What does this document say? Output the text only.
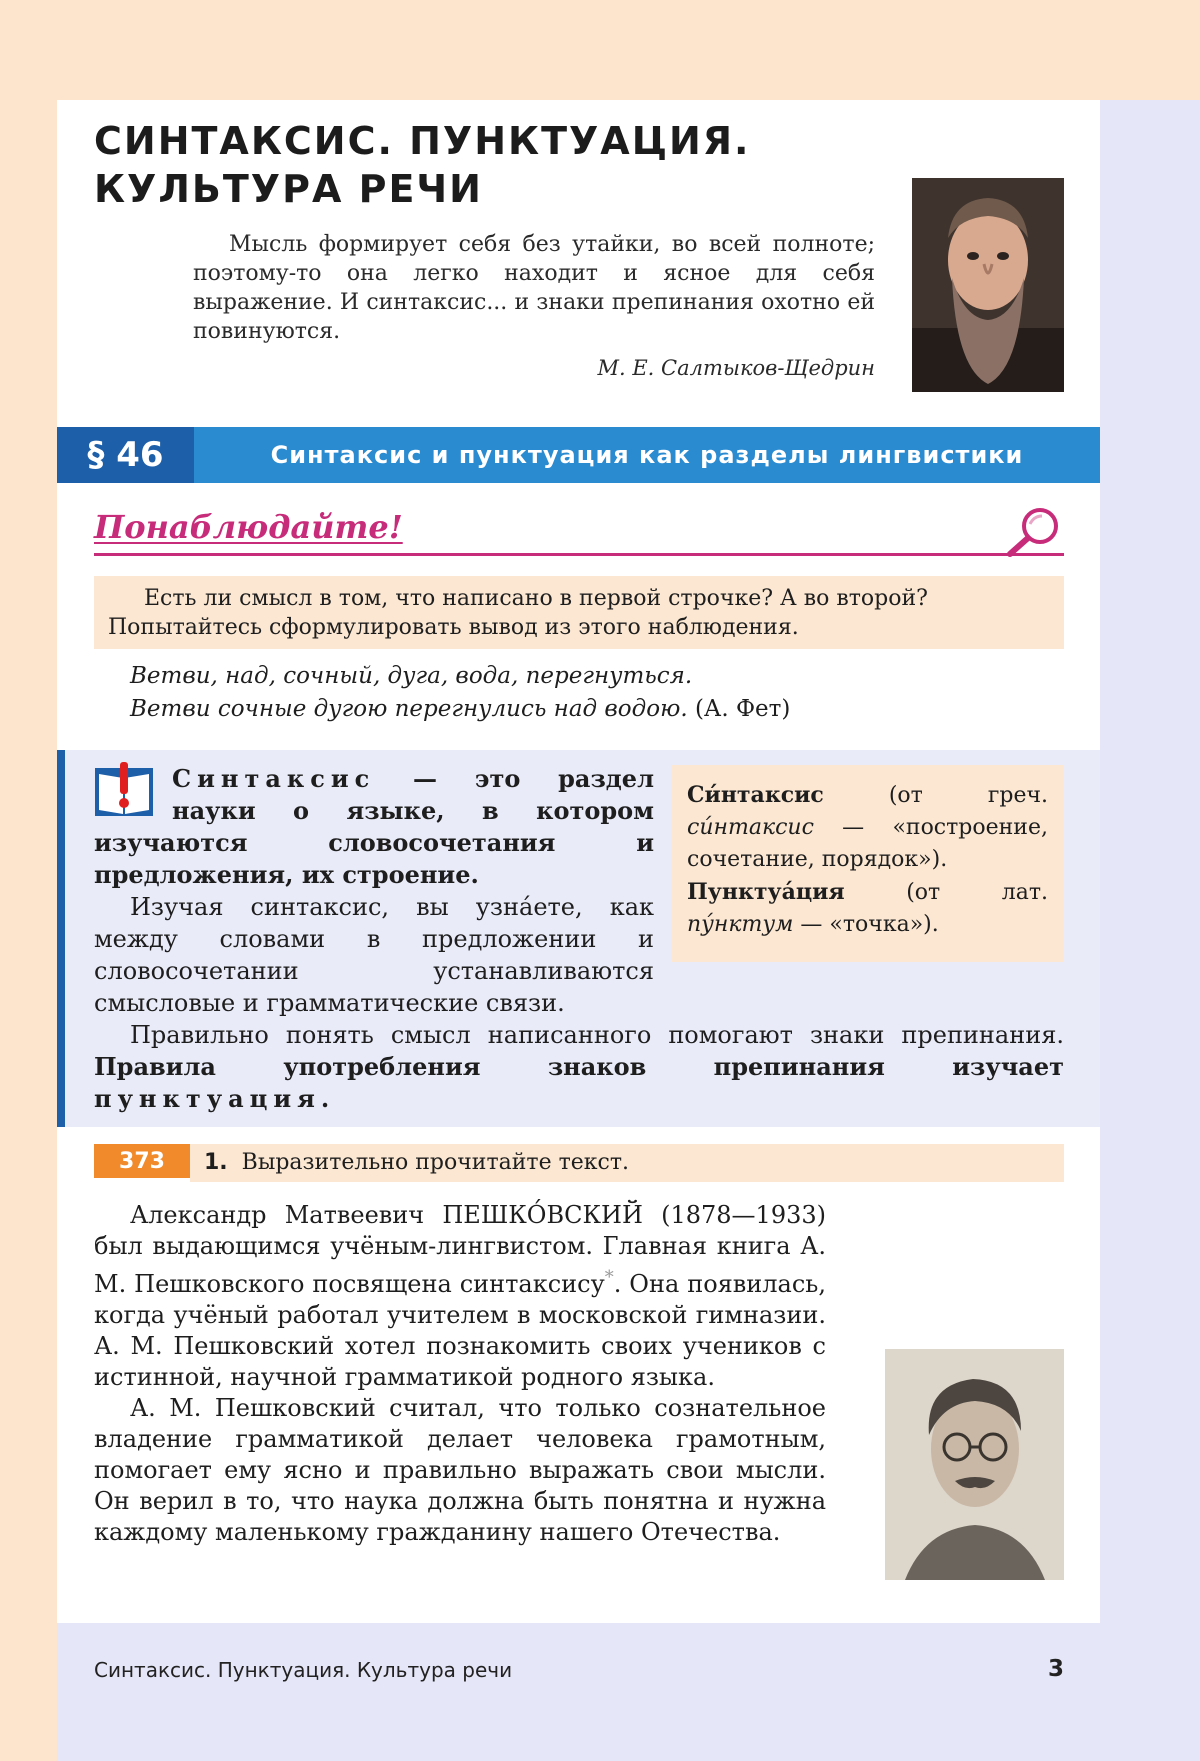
СИНТАКСИС. ПУНКТУАЦИЯ.
КУЛЬТУРА РЕЧИ
Мысль формирует себя без утайки, во всей полноте; поэтому-то она легко находит и ясное для себя выражение. И синтаксис... и знаки препинания охотно ей повинуются.
М. Е. Салтыков-Щедрин
§ 46	Синтаксис и пунктуация как разделы лингвистики
Понаблюдайте!
Есть ли смысл в том, что написано в первой строчке? А во второй?
Попытайтесь сформулировать вывод из этого наблюдения.
Ветви, над, сочный, дуга, вода, перегнуться.
Ветви сочные дугою перегнулись над водою. (А. Фет)

Синтаксис — это раздел науки о языке, в котором изучаются словосочетания и предложения, их строение.

Изучая синтаксис, вы узна́ете, как между словами в предложении и словосочетании устанавливаются смысловые и грамматические связи.

Правильно понять смысл написанного помогают знаки препинания. Правила употребления знаков препинания изучает пунктуация.

Си́нтаксис (от греч. си́нтаксис — «построение, сочетание, порядок»).
Пунктуа́ция (от лат. пу́нктум — «точка»).
373	1. Выразительно прочитайте текст.

Александр Матвеевич ПЕШКО́ВСКИЙ (1878—1933) был выдающимся учёным-лингвистом. Главная книга А. М. Пешковского посвящена синтаксису*. Она появилась, когда учёный работал учителем в московской гимназии. А. М. Пешковский хотел познакомить своих учеников с истинной, научной грамматикой родного языка.

А. М. Пешковский считал, что только сознательное владение грамматикой делает человека грамотным, помогает ему ясно и правильно выражать свои мысли. Он верил в то, что наука должна быть понятна и нужна каждому маленькому гражданину нашего Отечества.

Синтаксис. Пунктуация. Культура речи	3
